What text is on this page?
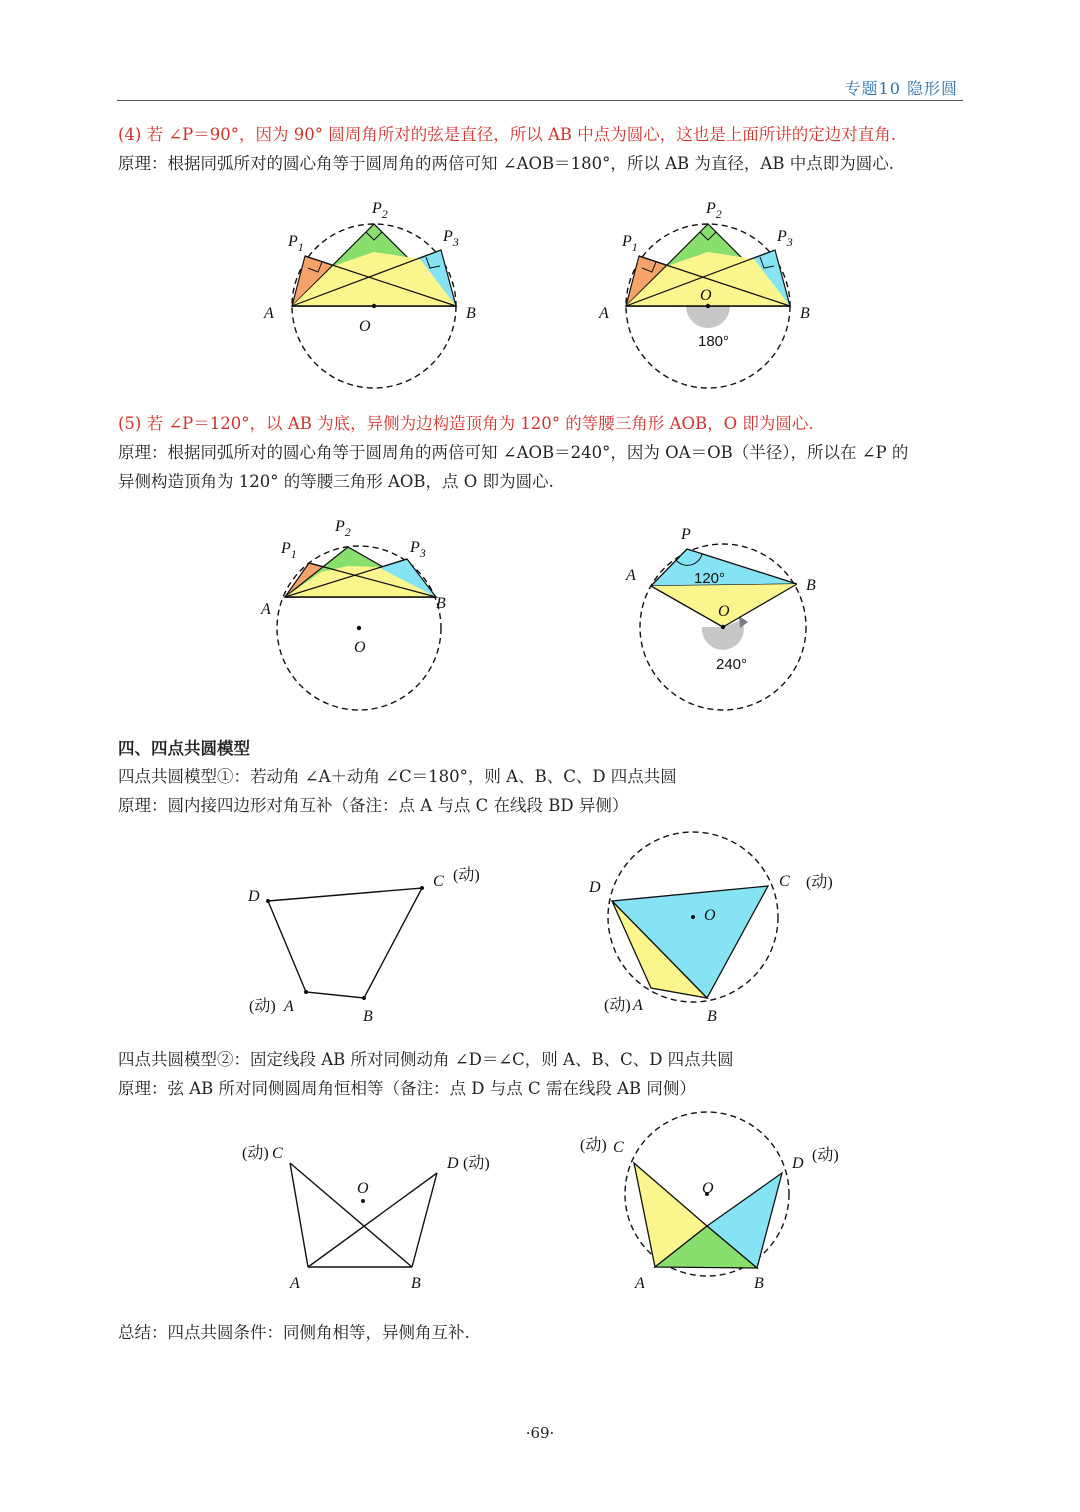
专题10 隐形圆
(4) 若 ∠P＝90°，因为 90° 圆周角所对的弦是直径，所以 AB 中点为圆心，这也是上面所讲的定边对直角.
原理：根据同弧所对的圆心角等于圆周角的两倍可知 ∠AOB＝180°，所以 AB 为直径，AB 中点即为圆心.
A	B
O
$P_1$
$P_2$
$P_3$
A	B
O
180°
$P_1$
$P_2$
$P_3$
(5) 若 ∠P＝120°，以 AB 为底，异侧为边构造顶角为 120° 的等腰三角形 AOB，O 即为圆心.
原理：根据同弧所对的圆心角等于圆周角的两倍可知 ∠AOB＝240°，因为 OA＝OB（半径），所以在 ∠P 的
异侧构造顶角为 120° 的等腰三角形 AOB，点 O 即为圆心.
A	B
O
$P_1$
$P_2$
$P_3$
P
A
B
O
120°
240°
四、四点共圆模型
四点共圆模型①：若动角 ∠A＋动角 ∠C＝180°，则 A、B、C、D 四点共圆
原理：圆内接四边形对角互补（备注：点 A 与点 C 在线段 BD 异侧）
D
C (动)
(动) A
B
D	C (动)
O
(动) A
B
四点共圆模型②：固定线段 AB 所对同侧动角 ∠D＝∠C，则 A、B、C、D 四点共圆
原理：弦 AB 所对同侧圆周角恒相等（备注：点 D 与点 C 需在线段 AB 同侧）
(动) C
D (动)
O
A	B
(动) C
D (动)
O
A	B
总结：四点共圆条件：同侧角相等，异侧角互补.
·69·
